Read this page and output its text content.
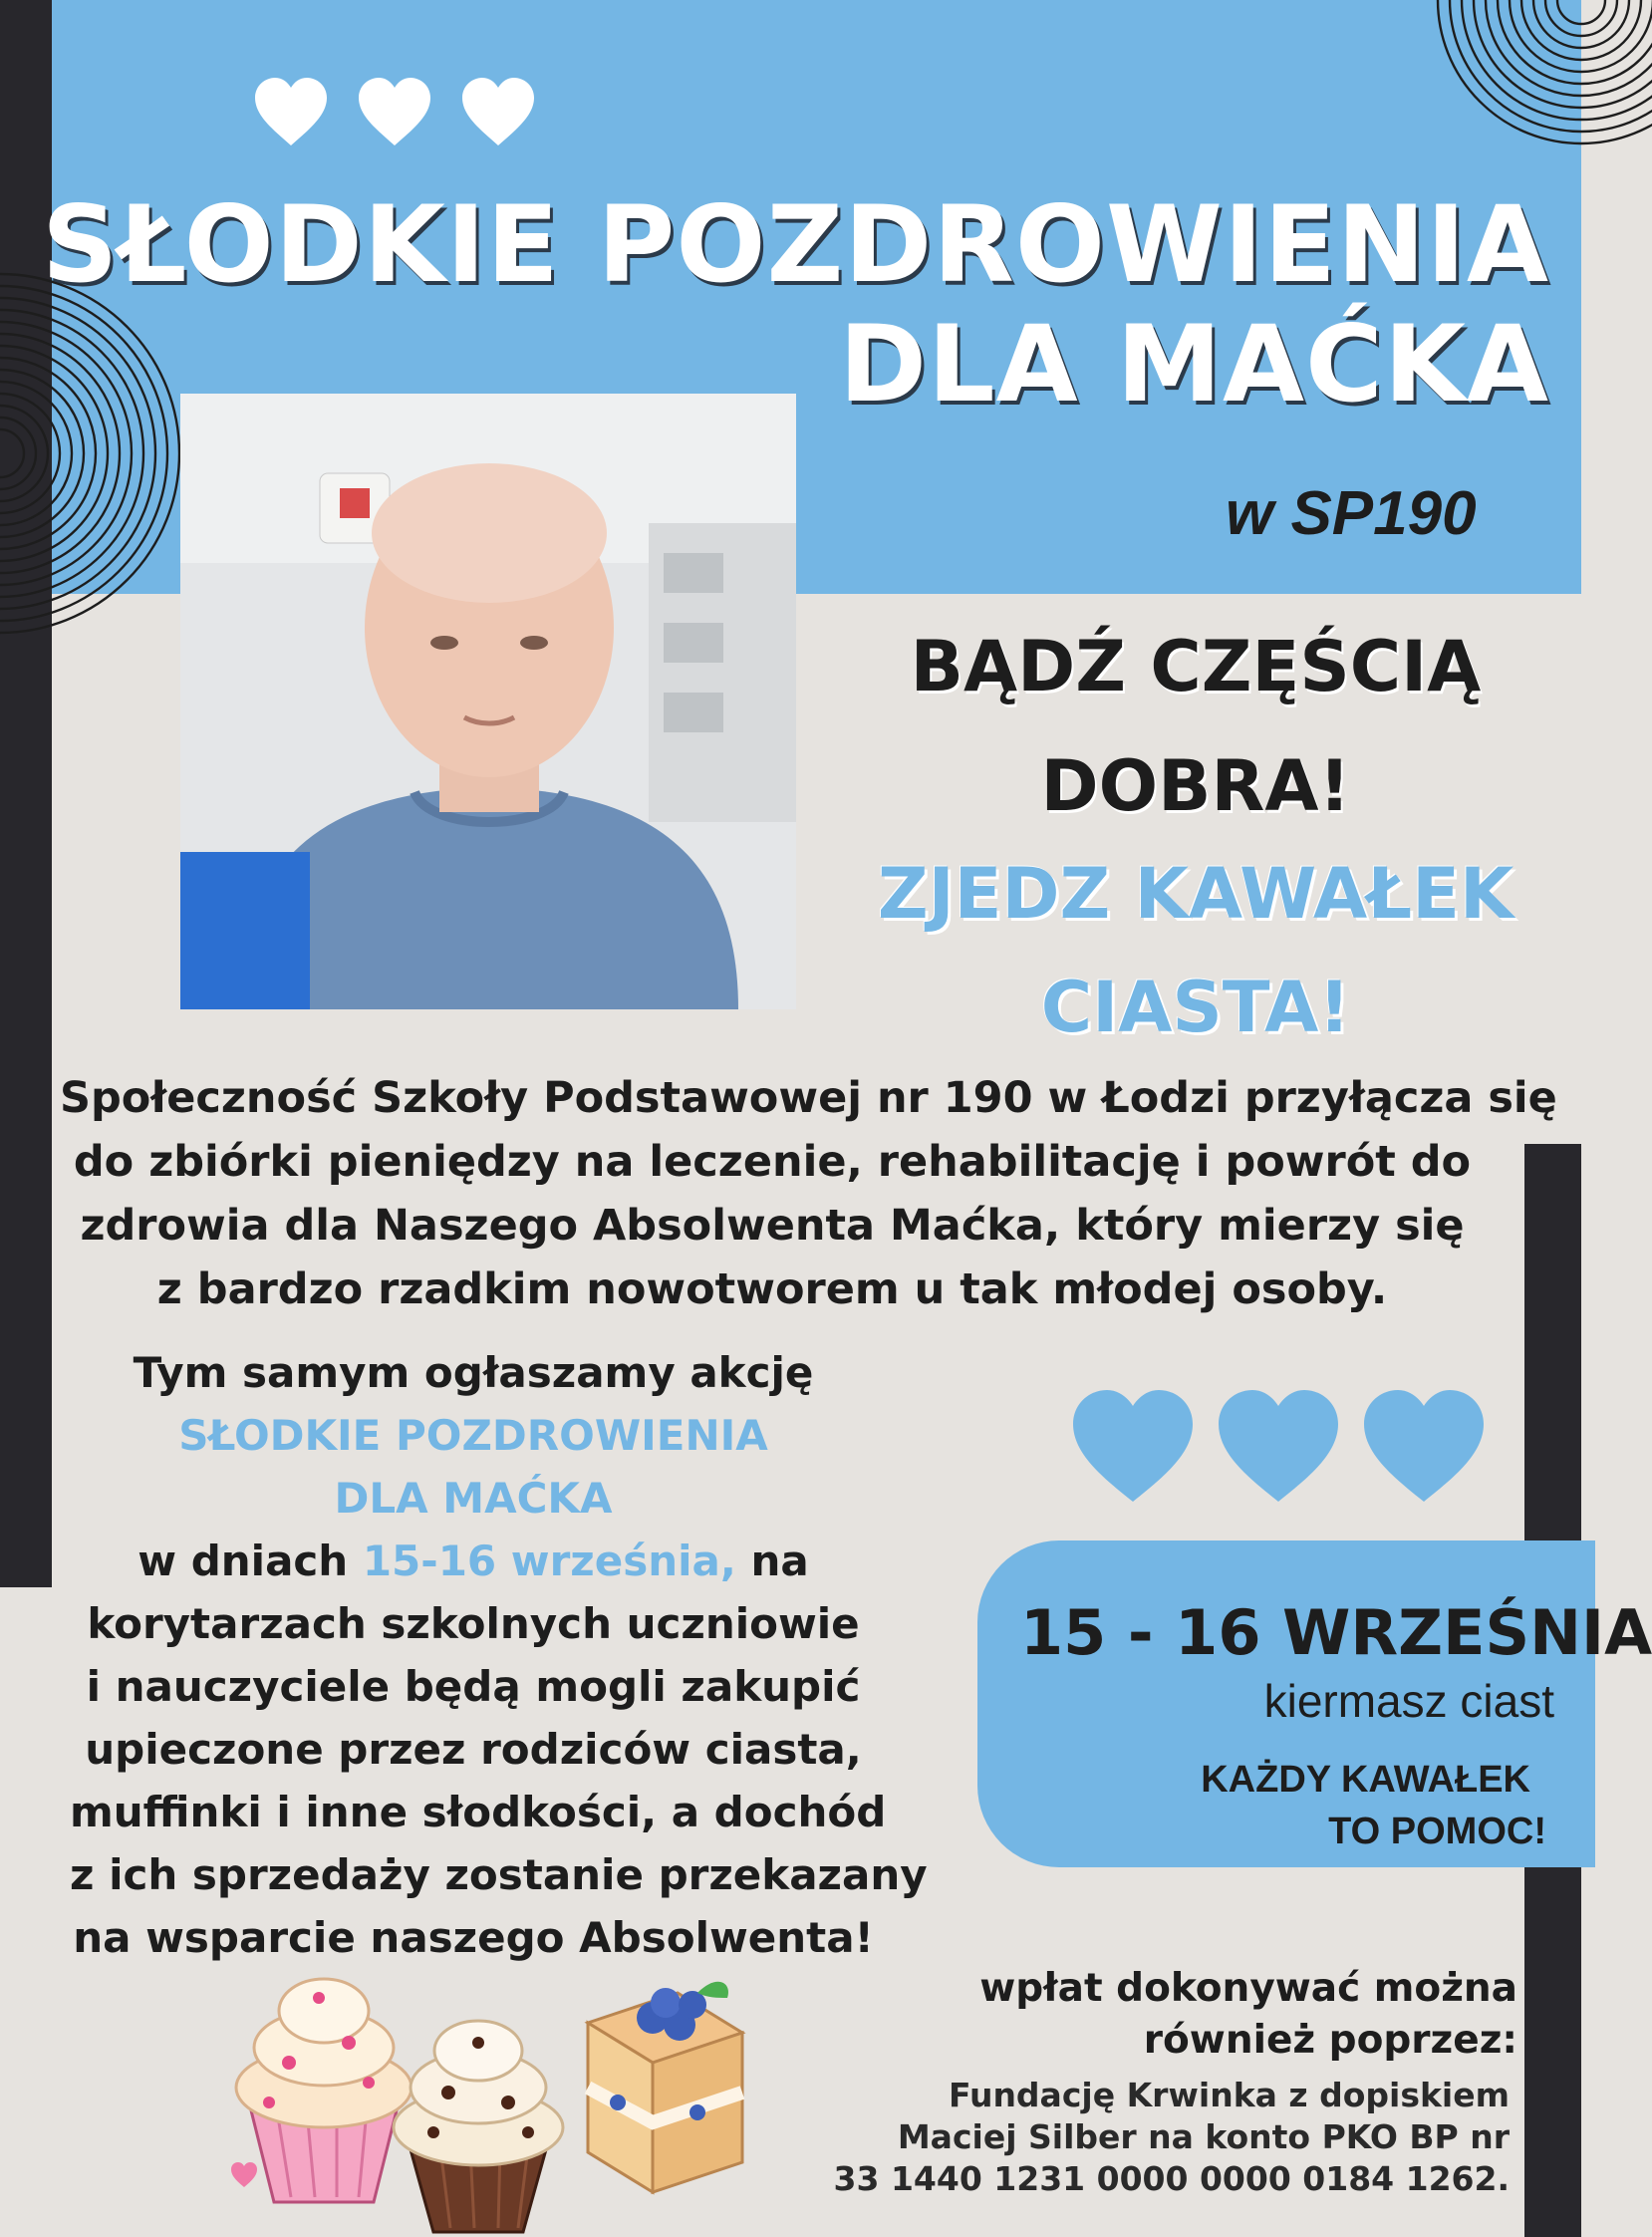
SŁODKIE POZDROWIENIA
DLA MAĆKA
w SP190
BĄDŹ CZĘŚCIĄ
DOBRA!
ZJEDZ KAWAŁEK
CIASTA!
Społeczność Szkoły Podstawowej nr 190 w Łodzi przyłącza się
do zbiórki pieniędzy na leczenie, rehabilitację i powrót do
zdrowia dla Naszego Absolwenta Maćka, który mierzy się
z bardzo rzadkim nowotworem u tak młodej osoby.
Tym samym ogłaszamy akcję
SŁODKIE POZDROWIENIA
DLA MAĆKA
w dniach 15-16 września, na
korytarzach szkolnych uczniowie
i nauczyciele będą mogli zakupić
upieczone przez rodziców ciasta,
muffinki i inne słodkości, a dochód
z ich sprzedaży zostanie przekazany
na wsparcie naszego Absolwenta!
15 - 16 WRZEŚNIA
kiermasz ciast
KAŻDY KAWAŁEK
TO POMOC!
wpłat dokonywać można
również poprzez:
Fundację Krwinka z dopiskiem
Maciej Silber na konto PKO BP nr
33 1440 1231 0000 0000 0184 1262.
